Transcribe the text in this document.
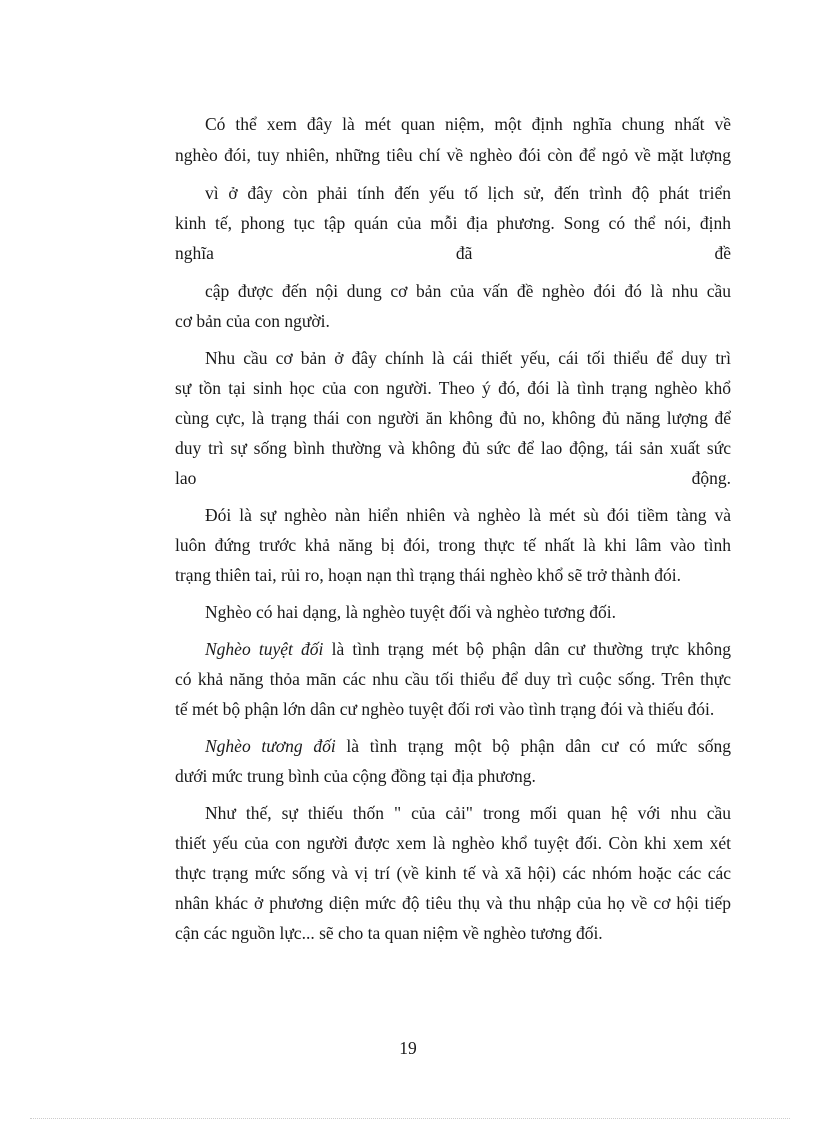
Có thể xem đây là mét quan niệm, một định nghĩa chung nhất về
nghèo đói, tuy nhiên, những tiêu chí về nghèo đói còn để ngỏ về mặt lượng
vì ở đây còn phải tính đến yếu tố lịch sử, đến trình độ phát triển
kinh tế, phong tục tập quán của mỗi địa phương. Song có thể nói, định
nghĩa đã đề
cập được đến nội dung cơ bản của vấn đề nghèo đói đó là nhu cầu
cơ bản của con người.
Nhu cầu cơ bản ở đây chính là cái thiết yếu, cái tối thiểu để duy trì
sự tồn tại sinh học của con người. Theo ý đó, đói là tình trạng nghèo khổ
cùng cực, là trạng thái con người ăn không đủ no, không đủ năng lượng để
duy trì sự sống bình thường và không đủ sức để lao động, tái sản xuất sức
lao động.
Đói là sự nghèo nàn hiển nhiên và nghèo là mét sù đói tiềm tàng và
luôn đứng trước khả năng bị đói, trong thực tế nhất là khi lâm vào tình
trạng thiên tai, rủi ro, hoạn nạn thì trạng thái nghèo khổ sẽ trở thành đói.
Nghèo có hai dạng, là nghèo tuyệt đối và nghèo tương đối.
Nghèo tuyệt đối là tình trạng mét bộ phận dân cư thường trực không
có khả năng thỏa mãn các nhu cầu tối thiểu để duy trì cuộc sống. Trên thực
tế mét bộ phận lớn dân cư nghèo tuyệt đối rơi vào tình trạng đói và thiếu đói.
Nghèo tương đối là tình trạng một bộ phận dân cư có mức sống
dưới mức trung bình của cộng đồng tại địa phương.
Như thế, sự thiếu thốn " của cải" trong mối quan hệ với nhu cầu
thiết yếu của con người được xem là nghèo khổ tuyệt đối. Còn khi xem xét
thực trạng mức sống và vị trí (về kinh tế và xã hội) các nhóm hoặc các các
nhân khác ở phương diện mức độ tiêu thụ và thu nhập của họ về cơ hội tiếp
cận các nguồn lực... sẽ cho ta quan niệm về nghèo tương đối.
19
